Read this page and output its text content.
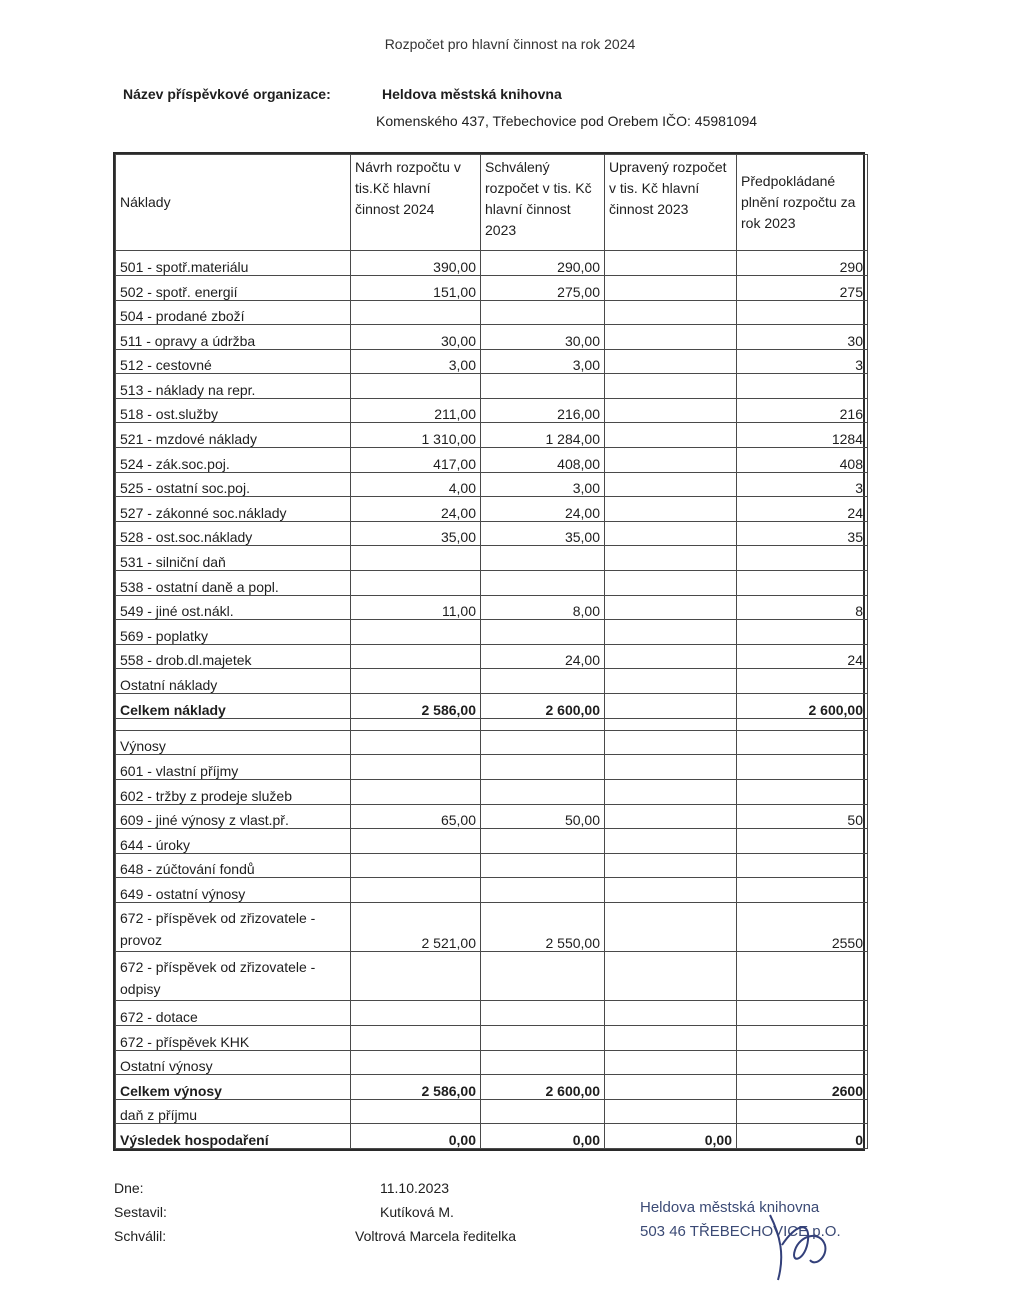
Rozpočet pro hlavní činnost na rok 2024
Název příspěvkové organizace:	Heldova městská knihovna
Komenského 437, Třebechovice pod Orebem IČO: 45981094
Náklady	Návrh rozpočtu v tis.Kč hlavní činnost 2024	Schválený rozpočet v tis. Kč hlavní činnost 2023	Upravený rozpočet v tis. Kč hlavní činnost 2023	Předpokládané plnění rozpočtu za rok 2023
501 - spotř.materiálu	390,00	290,00		290
502 - spotř. energií	151,00	275,00		275
504 - prodané zboží				
511 - opravy a údržba	30,00	30,00		30
512 - cestovné	3,00	3,00		3
513 - náklady na repr.				
518 - ost.služby	211,00	216,00		216
521 - mzdové náklady	1 310,00	1 284,00		1284
524 - zák.soc.poj.	417,00	408,00		408
525 - ostatní soc.poj.	4,00	3,00		3
527 - zákonné soc.náklady	24,00	24,00		24
528 - ost.soc.náklady	35,00	35,00		35
531 - silniční daň				
538 - ostatní daně a popl.				
549 - jiné ost.nákl.	11,00	8,00		8
569 - poplatky				
558 - drob.dl.majetek		24,00		24
Ostatní náklady				
Celkem náklady	2 586,00	2 600,00		2 600,00

Výnosy				
601 - vlastní příjmy				
602 - tržby z prodeje služeb				
609 - jiné výnosy z vlast.př.	65,00	50,00		50
644 - úroky				
648 - zúčtování fondů				
649 - ostatní výnosy				
672 - příspěvek od zřizovatele -provoz	2 521,00	2 550,00		2550
672 - příspěvek od zřizovatele - odpisy				
672 - dotace				
672 - příspěvek KHK				
Ostatní výnosy				
Celkem výnosy	2 586,00	2 600,00		2600
daň z příjmu				
Výsledek hospodaření	0,00	0,00	0,00	0
Dne:	11.10.2023
Sestavil:	Kutíková M.
Schválil:	Voltrová Marcela ředitelka
Heldova městská knihovna
503 46 TŘEBECHOVICE p.O.
